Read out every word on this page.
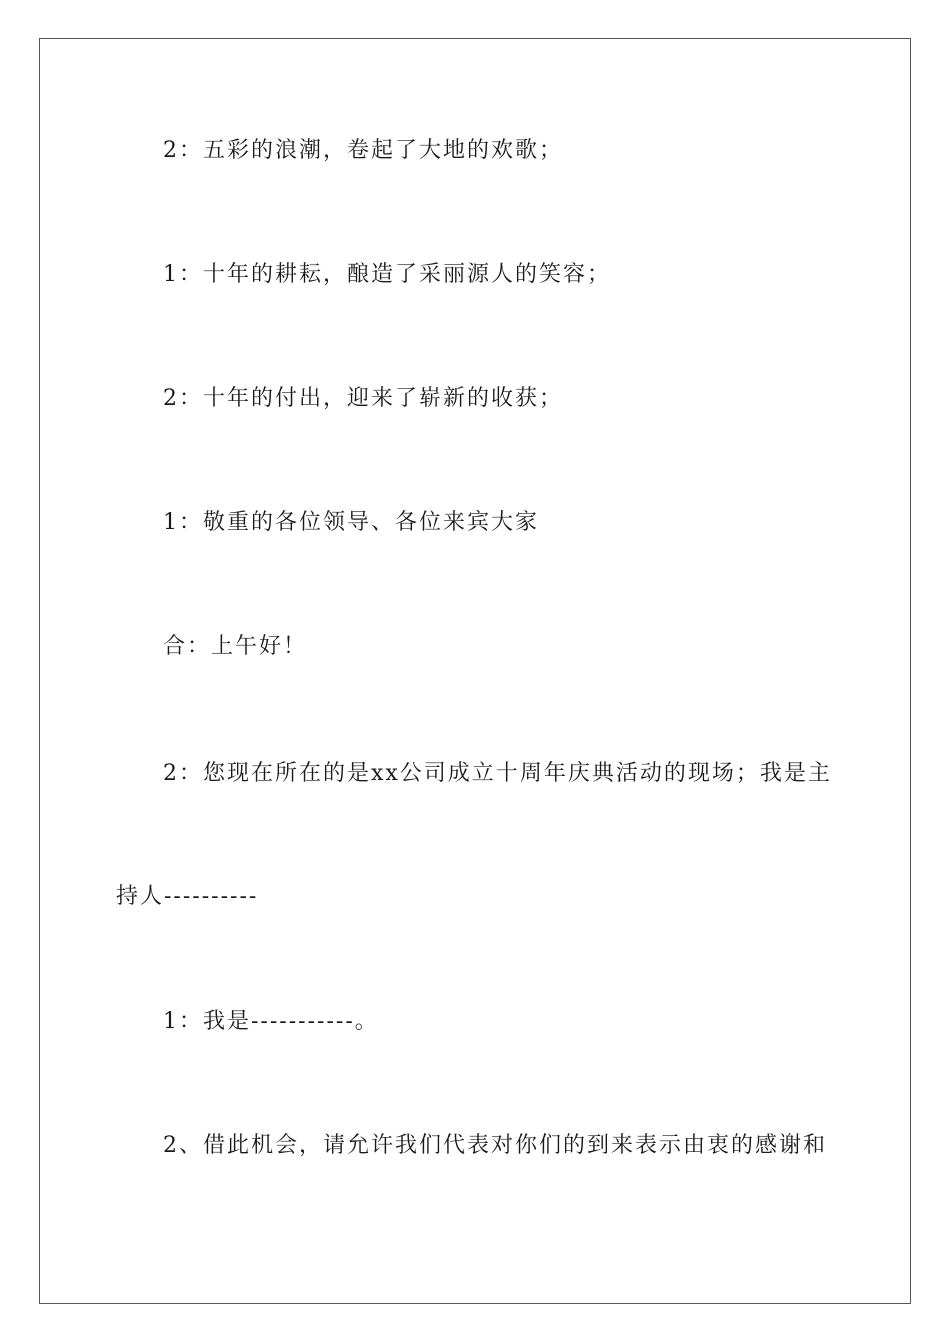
2：五彩的浪潮，卷起了大地的欢歌；
1：十年的耕耘，酿造了采丽源人的笑容；
2：十年的付出，迎来了崭新的收获；
1：敬重的各位领导、各位来宾大家
合：上午好！
2：您现在所在的是xx公司成立十周年庆典活动的现场；我是主
持人----------
1：我是-----------。
2、借此机会，请允许我们代表对你们的到来表示由衷的感谢和
